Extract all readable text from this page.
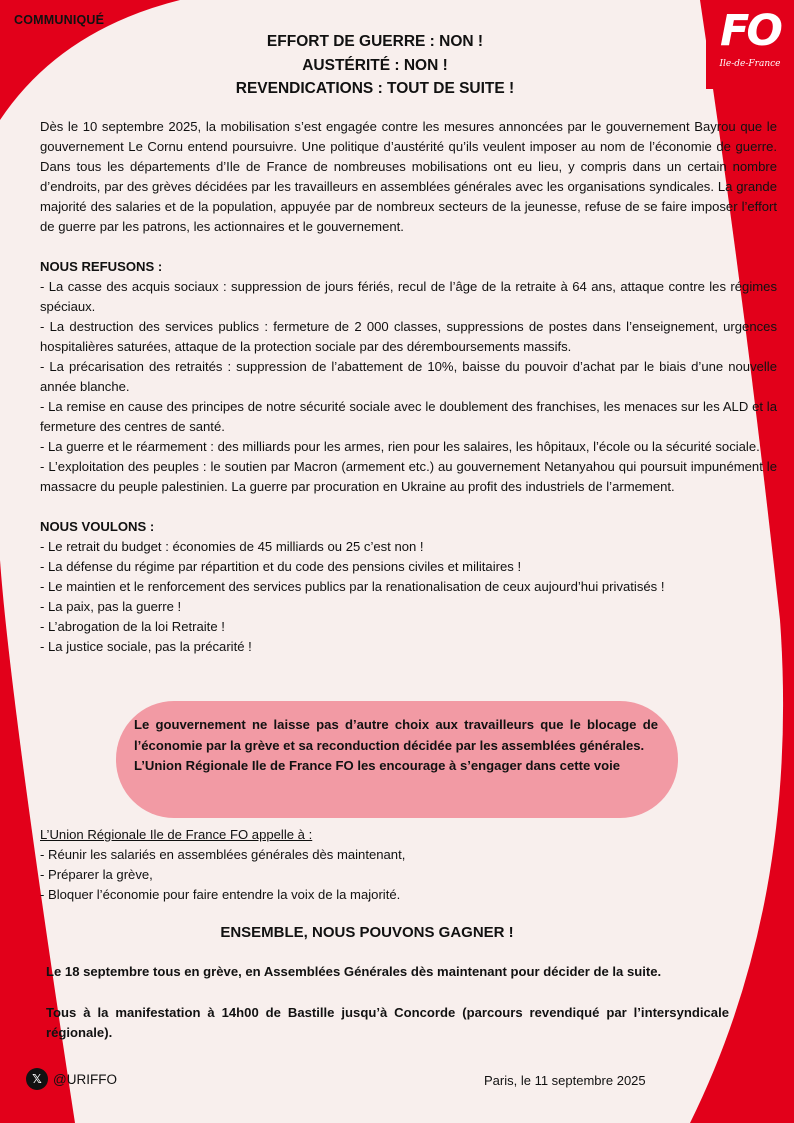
COMMUNIQUÉ	FO
Ile-de-France
EFFORT DE GUERRE : NON !
AUSTÉRITÉ : NON !
REVENDICATIONS : TOUT DE SUITE !

Dès le 10 septembre 2025, la mobilisation s’est engagée contre les mesures annoncées par le gouvernement Bayrou que le gouvernement Le Cornu entend poursuivre. Une politique d’austérité qu’ils veulent imposer au nom de l’économie de guerre. Dans tous les départements d’Ile de France de nombreuses mobilisations ont eu lieu, y compris dans un certain nombre d’endroits, par des grèves décidées par les travailleurs en assemblées générales avec les organisations syndicales. La grande majorité des salaries et de la population, appuyée par de nombreux secteurs de la jeunesse, refuse de se faire imposer l’effort de guerre par les patrons, les actionnaires et le gouvernement.

NOUS REFUSONS :

- La casse des acquis sociaux : suppression de jours fériés, recul de l’âge de la retraite à 64 ans, attaque contre les régimes spéciaux.

- La destruction des services publics : fermeture de 2 000 classes, suppressions de postes dans l’enseignement, urgences hospitalières saturées, attaque de la protection sociale par des déremboursements massifs.

- La précarisation des retraités : suppression de l’abattement de 10%, baisse du pouvoir d’achat par le biais d’une nouvelle année blanche.

- La remise en cause des principes de notre sécurité sociale avec le doublement des franchises, les menaces sur les ALD et la fermeture des centres de santé.

- La guerre et le réarmement : des milliards pour les armes, rien pour les salaires, les hôpitaux, l’école ou la sécurité sociale.

- L’exploitation des peuples : le soutien par Macron (armement etc.) au gouvernement Netanyahou qui poursuit impunément le massacre du peuple palestinien. La guerre par procuration en Ukraine au profit des industriels de l’armement.

NOUS VOULONS :

- Le retrait du budget : économies de 45 milliards ou 25 c’est non !

- La défense du régime par répartition et du code des pensions civiles et militaires !

- Le maintien et le renforcement des services publics par la renationalisation de ceux aujourd’hui privatisés !

- La paix, pas la guerre !

- L’abrogation de la loi Retraite !

- La justice sociale, pas la précarité !

Le gouvernement ne laisse pas d’autre choix aux travailleurs que le blocage de l’économie par la grève et sa reconduction décidée par les assemblées générales.

L’Union Régionale Ile de France FO les encourage à s’engager dans cette voie

L’Union Régionale Ile de France FO appelle à :

- Réunir les salariés en assemblées générales dès maintenant,

- Préparer la grève,

- Bloquer l’économie pour faire entendre la voix de la majorité.

ENSEMBLE, NOUS POUVONS GAGNER !
Le 18 septembre tous en grève, en Assemblées Générales dès maintenant pour décider de la suite.
Tous à la manifestation à 14h00 de Bastille jusqu’à Concorde (parcours revendiqué par l’intersyndicale régionale).
𝕏 @URIFFO	Paris, le 11 septembre 2025
